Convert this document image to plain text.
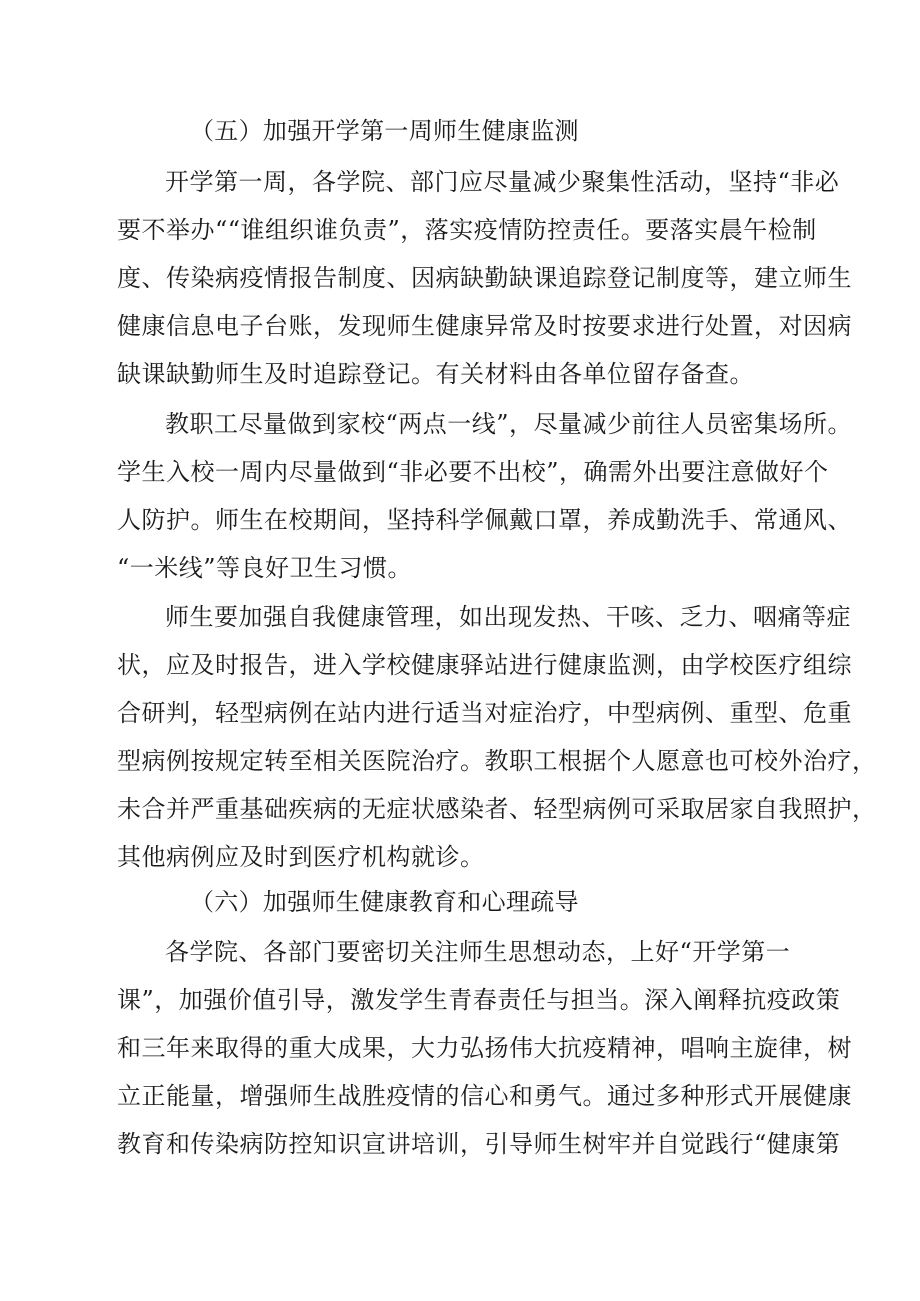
（五）加强开学第一周师生健康监测
开学第一周，各学院、部门应尽量减少聚集性活动，坚持“非必
要不举办““谁组织谁负责”，落实疫情防控责任。要落实晨午检制
度、传染病疫情报告制度、因病缺勤缺课追踪登记制度等，建立师生
健康信息电子台账，发现师生健康异常及时按要求进行处置，对因病
缺课缺勤师生及时追踪登记。有关材料由各单位留存备查。
教职工尽量做到家校“两点一线”，尽量减少前往人员密集场所。
学生入校一周内尽量做到“非必要不出校”，确需外出要注意做好个
人防护。师生在校期间，坚持科学佩戴口罩，养成勤洗手、常通风、
“一米线”等良好卫生习惯。
师生要加强自我健康管理，如出现发热、干咳、乏力、咽痛等症
状，应及时报告，进入学校健康驿站进行健康监测，由学校医疗组综
合研判，轻型病例在站内进行适当对症治疗，中型病例、重型、危重
型病例按规定转至相关医院治疗。教职工根据个人愿意也可校外治疗，
未合并严重基础疾病的无症状感染者、轻型病例可采取居家自我照护，
其他病例应及时到医疗机构就诊。
（六）加强师生健康教育和心理疏导
各学院、各部门要密切关注师生思想动态，上好“开学第一
课”，加强价值引导，激发学生青春责任与担当。深入阐释抗疫政策
和三年来取得的重大成果，大力弘扬伟大抗疫精神，唱响主旋律，树
立正能量，增强师生战胜疫情的信心和勇气。通过多种形式开展健康
教育和传染病防控知识宣讲培训，引导师生树牢并自觉践行“健康第
